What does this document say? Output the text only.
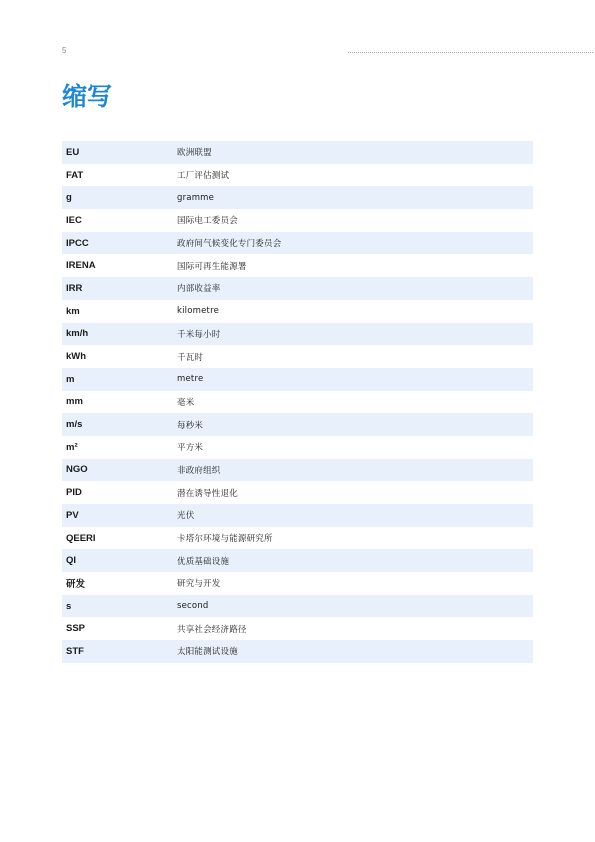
5
缩写
EU	欧洲联盟
FAT	工厂评估测试
g	gramme
IEC	国际电工委员会
IPCC	政府间气候变化专门委员会
IRENA	国际可再生能源署
IRR	内部收益率
km	kilometre
km/h	千米每小时
kWh	千瓦时
m	metre
mm	毫米
m/s	每秒米
m²	平方米
NGO	非政府组织
PID	潜在诱导性退化
PV	光伏
QEERI	卡塔尔环境与能源研究所
QI	优质基础设施
研发	研究与开发
s	second
SSP	共享社会经济路径
STF	太阳能测试设施
